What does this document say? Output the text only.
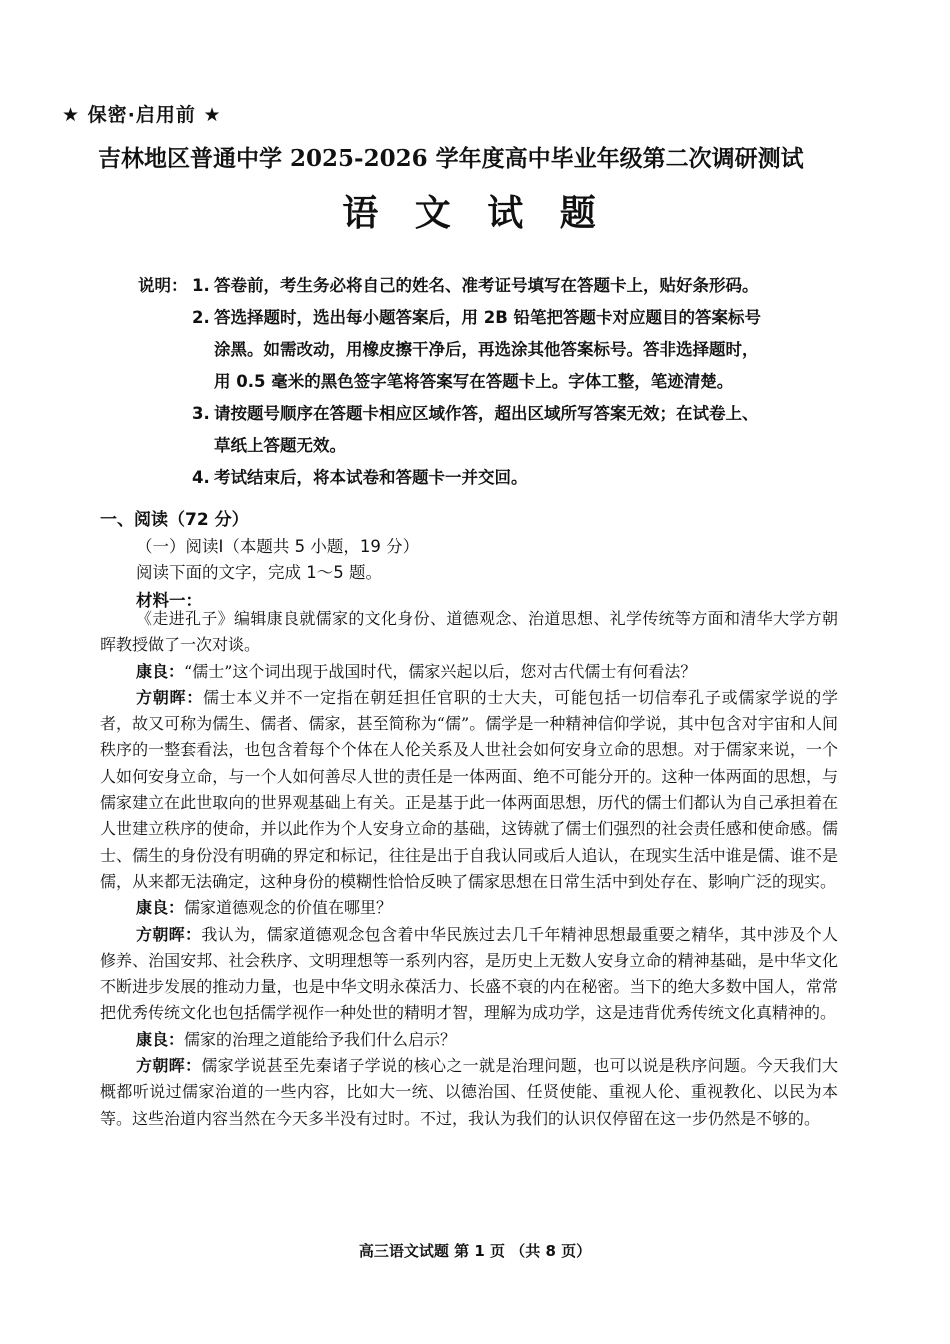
★ 保密·启用前 ★
吉林地区普通中学 2025-2026 学年度高中毕业年级第二次调研测试
语 文 试 题
说明： 1. 答卷前，考生务必将自己的姓名、准考证号填写在答题卡上，贴好条形码。
2. 答选择题时，选出每小题答案后，用 2B 铅笔把答题卡对应题目的答案标号
涂黑。如需改动，用橡皮擦干净后，再选涂其他答案标号。答非选择题时，
用 0.5 毫米的黑色签字笔将答案写在答题卡上。字体工整，笔迹清楚。
3. 请按题号顺序在答题卡相应区域作答，超出区域所写答案无效；在试卷上、
草纸上答题无效。
4. 考试结束后，将本试卷和答题卡一并交回。
一、阅读（72 分）
（一）阅读Ⅰ（本题共 5 小题，19 分）
阅读下面的文字，完成 1～5 题。
材料一：

《走进孔子》编辑康良就儒家的文化身份、道德观念、治道思想、礼学传统等方面和清华大学方朝晖教授做了一次对谈。

康良：“儒士”这个词出现于战国时代，儒家兴起以后，您对古代儒士有何看法？

方朝晖：儒士本义并不一定指在朝廷担任官职的士大夫，可能包括一切信奉孔子或儒家学说的学者，故又可称为儒生、儒者、儒家，甚至简称为“儒”。儒学是一种精神信仰学说，其中包含对宇宙和人间秩序的一整套看法，也包含着每个个体在人伦关系及人世社会如何安身立命的思想。对于儒家来说，一个人如何安身立命，与一个人如何善尽人世的责任是一体两面、绝不可能分开的。这种一体两面的思想，与儒家建立在此世取向的世界观基础上有关。正是基于此一体两面思想，历代的儒士们都认为自己承担着在人世建立秩序的使命，并以此作为个人安身立命的基础，这铸就了儒士们强烈的社会责任感和使命感。儒士、儒生的身份没有明确的界定和标记，往往是出于自我认同或后人追认，在现实生活中谁是儒、谁不是儒，从来都无法确定，这种身份的模糊性恰恰反映了儒家思想在日常生活中到处存在、影响广泛的现实。

康良：儒家道德观念的价值在哪里？

方朝晖：我认为，儒家道德观念包含着中华民族过去几千年精神思想最重要之精华，其中涉及个人修养、治国安邦、社会秩序、文明理想等一系列内容，是历史上无数人安身立命的精神基础，是中华文化不断进步发展的推动力量，也是中华文明永葆活力、长盛不衰的内在秘密。当下的绝大多数中国人，常常把优秀传统文化也包括儒学视作一种处世的精明才智，理解为成功学，这是违背优秀传统文化真精神的。

康良：儒家的治理之道能给予我们什么启示？

方朝晖：儒家学说甚至先秦诸子学说的核心之一就是治理问题，也可以说是秩序问题。今天我们大概都听说过儒家治道的一些内容，比如大一统、以德治国、任贤使能、重视人伦、重视教化、以民为本等。这些治道内容当然在今天多半没有过时。不过，我认为我们的认识仅停留在这一步仍然是不够的。

高三语文试题 第 1 页 （共 8 页）
